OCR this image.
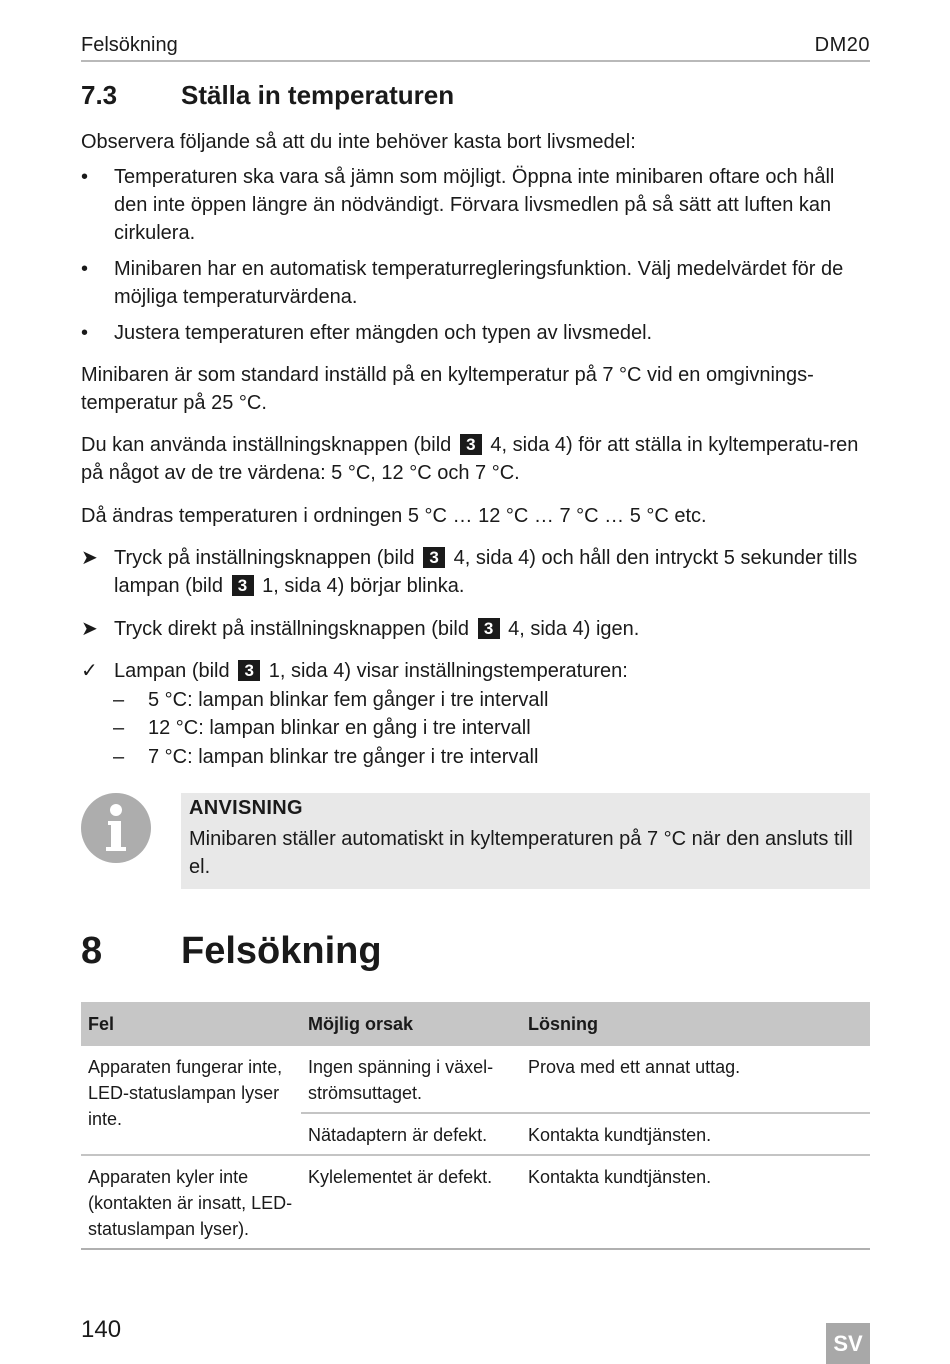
Felsökning	DM20
7.3 Ställa in temperaturen
Observera följande så att du inte behöver kasta bort livsmedel:
•	Temperaturen ska vara så jämn som möjligt. Öppna inte minibaren oftare och håll den inte öppen längre än nödvändigt. Förvara livsmedlen på så sätt att luften kan cirkulera.
•	Minibaren har en automatisk temperaturregleringsfunktion. Välj medelvärdet för de möjliga temperaturvärdena.
•	Justera temperaturen efter mängden och typen av livsmedel.
Minibaren är som standard inställd på en kyltemperatur på 7 °C vid en omgivnings-temperatur på 25 °C.
Du kan använda inställningsknappen (bild 3 4, sida 4) för att ställa in kyltemperatu-ren på något av de tre värdena: 5 °C, 12 °C och 7 °C.
Då ändras temperaturen i ordningen 5 °C … 12 °C … 7 °C … 5 °C etc.
➤ Tryck på inställningsknappen (bild 3 4, sida 4) och håll den intryckt 5 sekunder tills lampan (bild 3 1, sida 4) börjar blinka.
➤ Tryck direkt på inställningsknappen (bild 3 4, sida 4) igen.
✓ Lampan (bild 3 1, sida 4) visar inställningstemperaturen:
– 5 °C: lampan blinkar fem gånger i tre intervall
– 12 °C: lampan blinkar en gång i tre intervall
– 7 °C: lampan blinkar tre gånger i tre intervall
ANVISNING
Minibaren ställer automatiskt in kyltemperaturen på 7 °C när den ansluts till el.
8 Felsökning
Fel	Möjlig orsak	Lösning
Apparaten fungerar inte, LED-statuslampan lyser inte.	Ingen spänning i växel-strömsuttaget.	Prova med ett annat uttag.
	Nätadaptern är defekt.	Kontakta kundtjänsten.
Apparaten kyler inte (kontakten är insatt, LED-statuslampan lyser).	Kylelementet är defekt.	Kontakta kundtjänsten.
140
SV
